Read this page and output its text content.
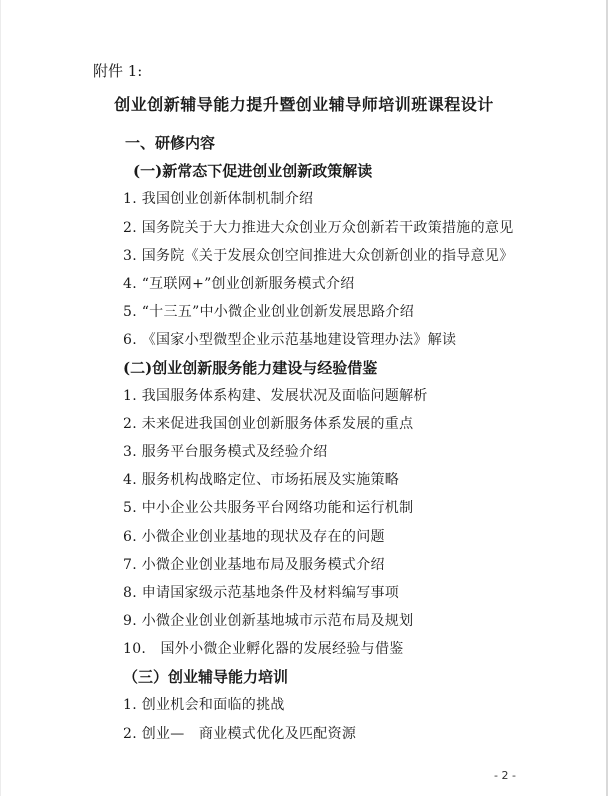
附件 1:
创业创新辅导能力提升暨创业辅导师培训班课程设计
一、研修内容
(一)新常态下促进创业创新政策解读
1. 我国创业创新体制机制介绍
2. 国务院关于大力推进大众创业万众创新若干政策措施的意见
3. 国务院《关于发展众创空间推进大众创新创业的指导意见》
4. “互联网+”创业创新服务模式介绍
5. “十三五”中小微企业创业创新发展思路介绍
6. 《国家小型微型企业示范基地建设管理办法》解读
(二)创业创新服务能力建设与经验借鉴
1. 我国服务体系构建、发展状况及面临问题解析
2. 未来促进我国创业创新服务体系发展的重点
3. 服务平台服务模式及经验介绍
4. 服务机构战略定位、市场拓展及实施策略
5. 中小企业公共服务平台网络功能和运行机制
6. 小微企业创业基地的现状及存在的问题
7. 小微企业创业基地布局及服务模式介绍
8. 申请国家级示范基地条件及材料编写事项
9. 小微企业创业创新基地城市示范布局及规划
10.　国外小微企业孵化器的发展经验与借鉴
（三）创业辅导能力培训
1. 创业机会和面临的挑战
2. 创业—　商业模式优化及匹配资源
- 2 -
